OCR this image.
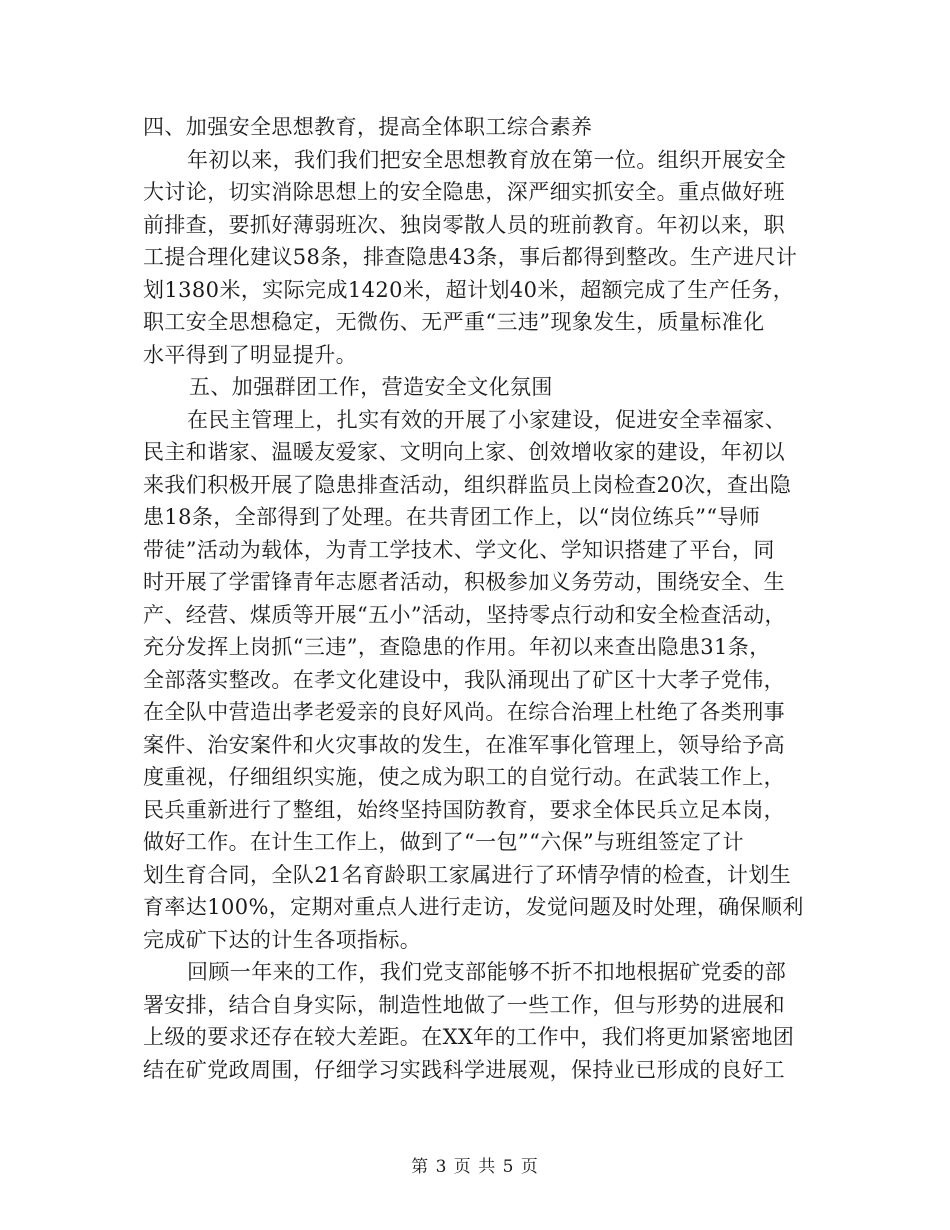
四、加强安全思想教育，提高全体职工综合素养
年初以来，我们我们把安全思想教育放在第一位。组织开展安全
大讨论，切实消除思想上的安全隐患，深严细实抓安全。重点做好班
前排查，要抓好薄弱班次、独岗零散人员的班前教育。年初以来，职
工提合理化建议58条，排查隐患43条，事后都得到整改。生产进尺计
划1380米，实际完成1420米，超计划40米，超额完成了生产任务，
职工安全思想稳定，无微伤、无严重“三违”现象发生，质量标准化
水平得到了明显提升。
五、加强群团工作，营造安全文化氛围
在民主管理上，扎实有效的开展了小家建设，促进安全幸福家、
民主和谐家、温暖友爱家、文明向上家、创效增收家的建设，年初以
来我们积极开展了隐患排查活动，组织群监员上岗检查20次，查出隐
患18条，全部得到了处理。在共青团工作上，以“岗位练兵”“导师
带徒”活动为载体，为青工学技术、学文化、学知识搭建了平台，同
时开展了学雷锋青年志愿者活动，积极参加义务劳动，围绕安全、生
产、经营、煤质等开展“五小”活动，坚持零点行动和安全检查活动，
充分发挥上岗抓“三违”，查隐患的作用。年初以来查出隐患31条，
全部落实整改。在孝文化建设中，我队涌现出了矿区十大孝子党伟，
在全队中营造出孝老爱亲的良好风尚。在综合治理上杜绝了各类刑事
案件、治安案件和火灾事故的发生，在准军事化管理上，领导给予高
度重视，仔细组织实施，使之成为职工的自觉行动。在武装工作上，
民兵重新进行了整组，始终坚持国防教育，要求全体民兵立足本岗，
做好工作。在计生工作上，做到了“一包”“六保”与班组签定了计
划生育合同，全队21名育龄职工家属进行了环情孕情的检查，计划生
育率达100%，定期对重点人进行走访，发觉问题及时处理，确保顺利
完成矿下达的计生各项指标。
回顾一年来的工作，我们党支部能够不折不扣地根据矿党委的部
署安排，结合自身实际，制造性地做了一些工作，但与形势的进展和
上级的要求还存在较大差距。在XX年的工作中，我们将更加紧密地团
结在矿党政周围，仔细学习实践科学进展观，保持业已形成的良好工
第 3 页 共 5 页
